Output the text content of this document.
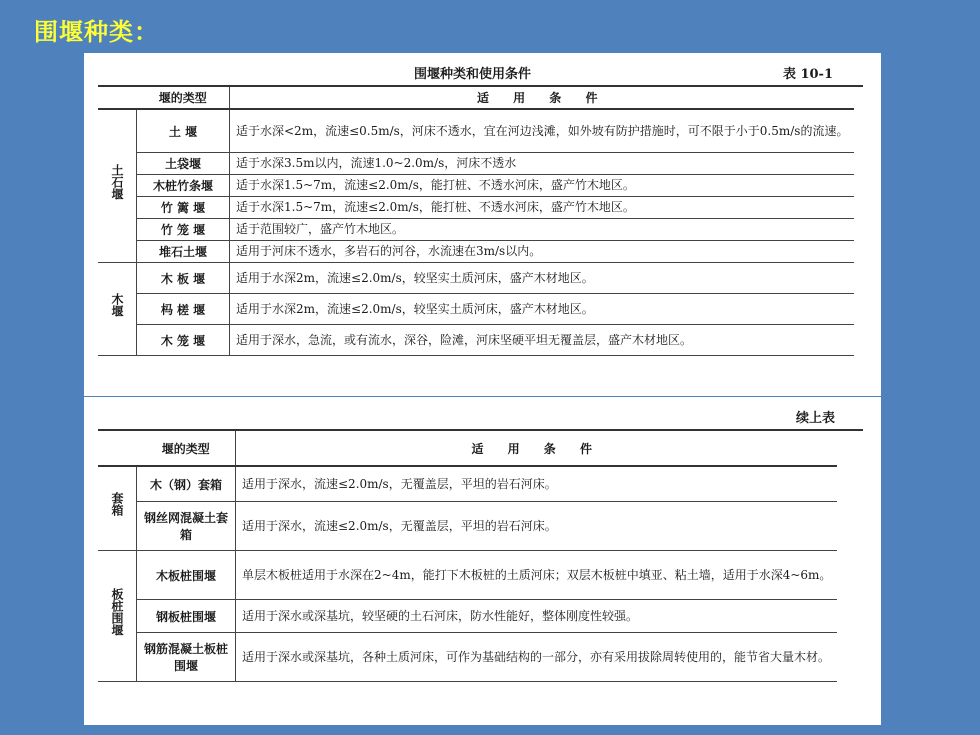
围堰种类：
围堰种类和使用条件	表 10-1
	堰的类型	适 用 条 件
土石堰	土 堰	适于水深<2m，流速≤0.5m/s，河床不透水，宜在河边浅滩，如外坡有防护措施时，可不限于小于0.5m/s的流速。
	土袋堰	适于水深3.5m以内，流速1.0~2.0m/s，河床不透水
	木桩竹条堰	适于水深1.5~7m，流速≤2.0m/s，能打桩、不透水河床，盛产竹木地区。
	竹 篱 堰	适于水深1.5~7m，流速≤2.0m/s，能打桩、不透水河床，盛产竹木地区。
	竹 笼 堰	适于范围较广，盛产竹木地区。
	堆石土堰	适用于河床不透水，多岩石的河谷，水流速在3m/s以内。
木堰	木 板 堰	适用于水深2m，流速≤2.0m/s，较坚实土质河床，盛产木材地区。
	杩 槎 堰	适用于水深2m，流速≤2.0m/s，较坚实土质河床，盛产木材地区。
	木 笼 堰	适用于深水，急流，或有流水，深谷，险滩，河床坚硬平坦无覆盖层，盛产木材地区。
续上表
	堰的类型	适 用 条 件
套箱	木（钢）套箱	适用于深水，流速≤2.0m/s，无覆盖层，平坦的岩石河床。
	钢丝网混凝土套箱	适用于深水，流速≤2.0m/s，无覆盖层，平坦的岩石河床。
板桩围堰	木板桩围堰	单层木板桩适用于水深在2~4m，能打下木板桩的土质河床；双层木板桩中填亚、粘土墙，适用于水深4~6m。
	钢板桩围堰	适用于深水或深基坑，较坚硬的土石河床，防水性能好，整体刚度性较强。
	钢筋混凝土板桩围堰	适用于深水或深基坑，各种土质河床，可作为基础结构的一部分，亦有采用拔除周转使用的，能节省大量木材。
